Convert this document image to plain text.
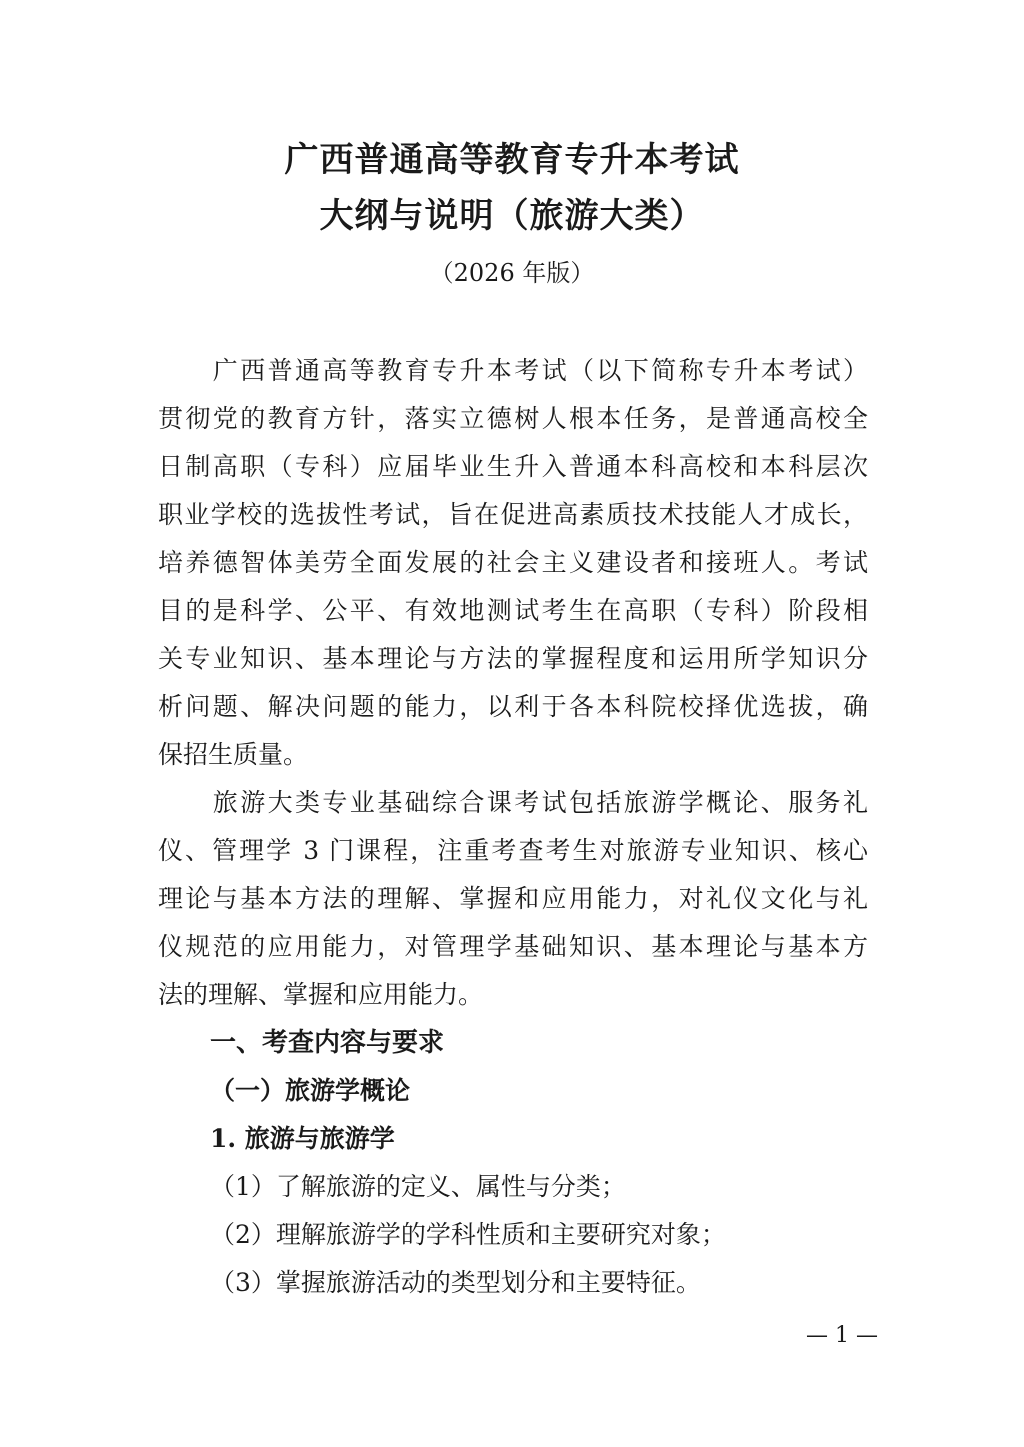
广西普通高等教育专升本考试
大纲与说明（旅游大类）

（2026 年版）

　　广西普通高等教育专升本考试（以下简称专升本考试）

贯彻党的教育方针，落实立德树人根本任务，是普通高校全

日制高职（专科）应届毕业生升入普通本科高校和本科层次

职业学校的选拔性考试，旨在促进高素质技术技能人才成长，

培养德智体美劳全面发展的社会主义建设者和接班人。考试

目的是科学、公平、有效地测试考生在高职（专科）阶段相

关专业知识、基本理论与方法的掌握程度和运用所学知识分

析问题、解决问题的能力，以利于各本科院校择优选拔，确

保招生质量。

　　旅游大类专业基础综合课考试包括旅游学概论、服务礼

仪、管理学 3 门课程，注重考查考生对旅游专业知识、核心

理论与基本方法的理解、掌握和应用能力，对礼仪文化与礼

仪规范的应用能力，对管理学基础知识、基本理论与基本方

法的理解、掌握和应用能力。

一、考查内容与要求
（一）旅游学概论
1. 旅游与旅游学

（1）了解旅游的定义、属性与分类；

（2）理解旅游学的学科性质和主要研究对象；

（3）掌握旅游活动的类型划分和主要特征。

— 1 —
